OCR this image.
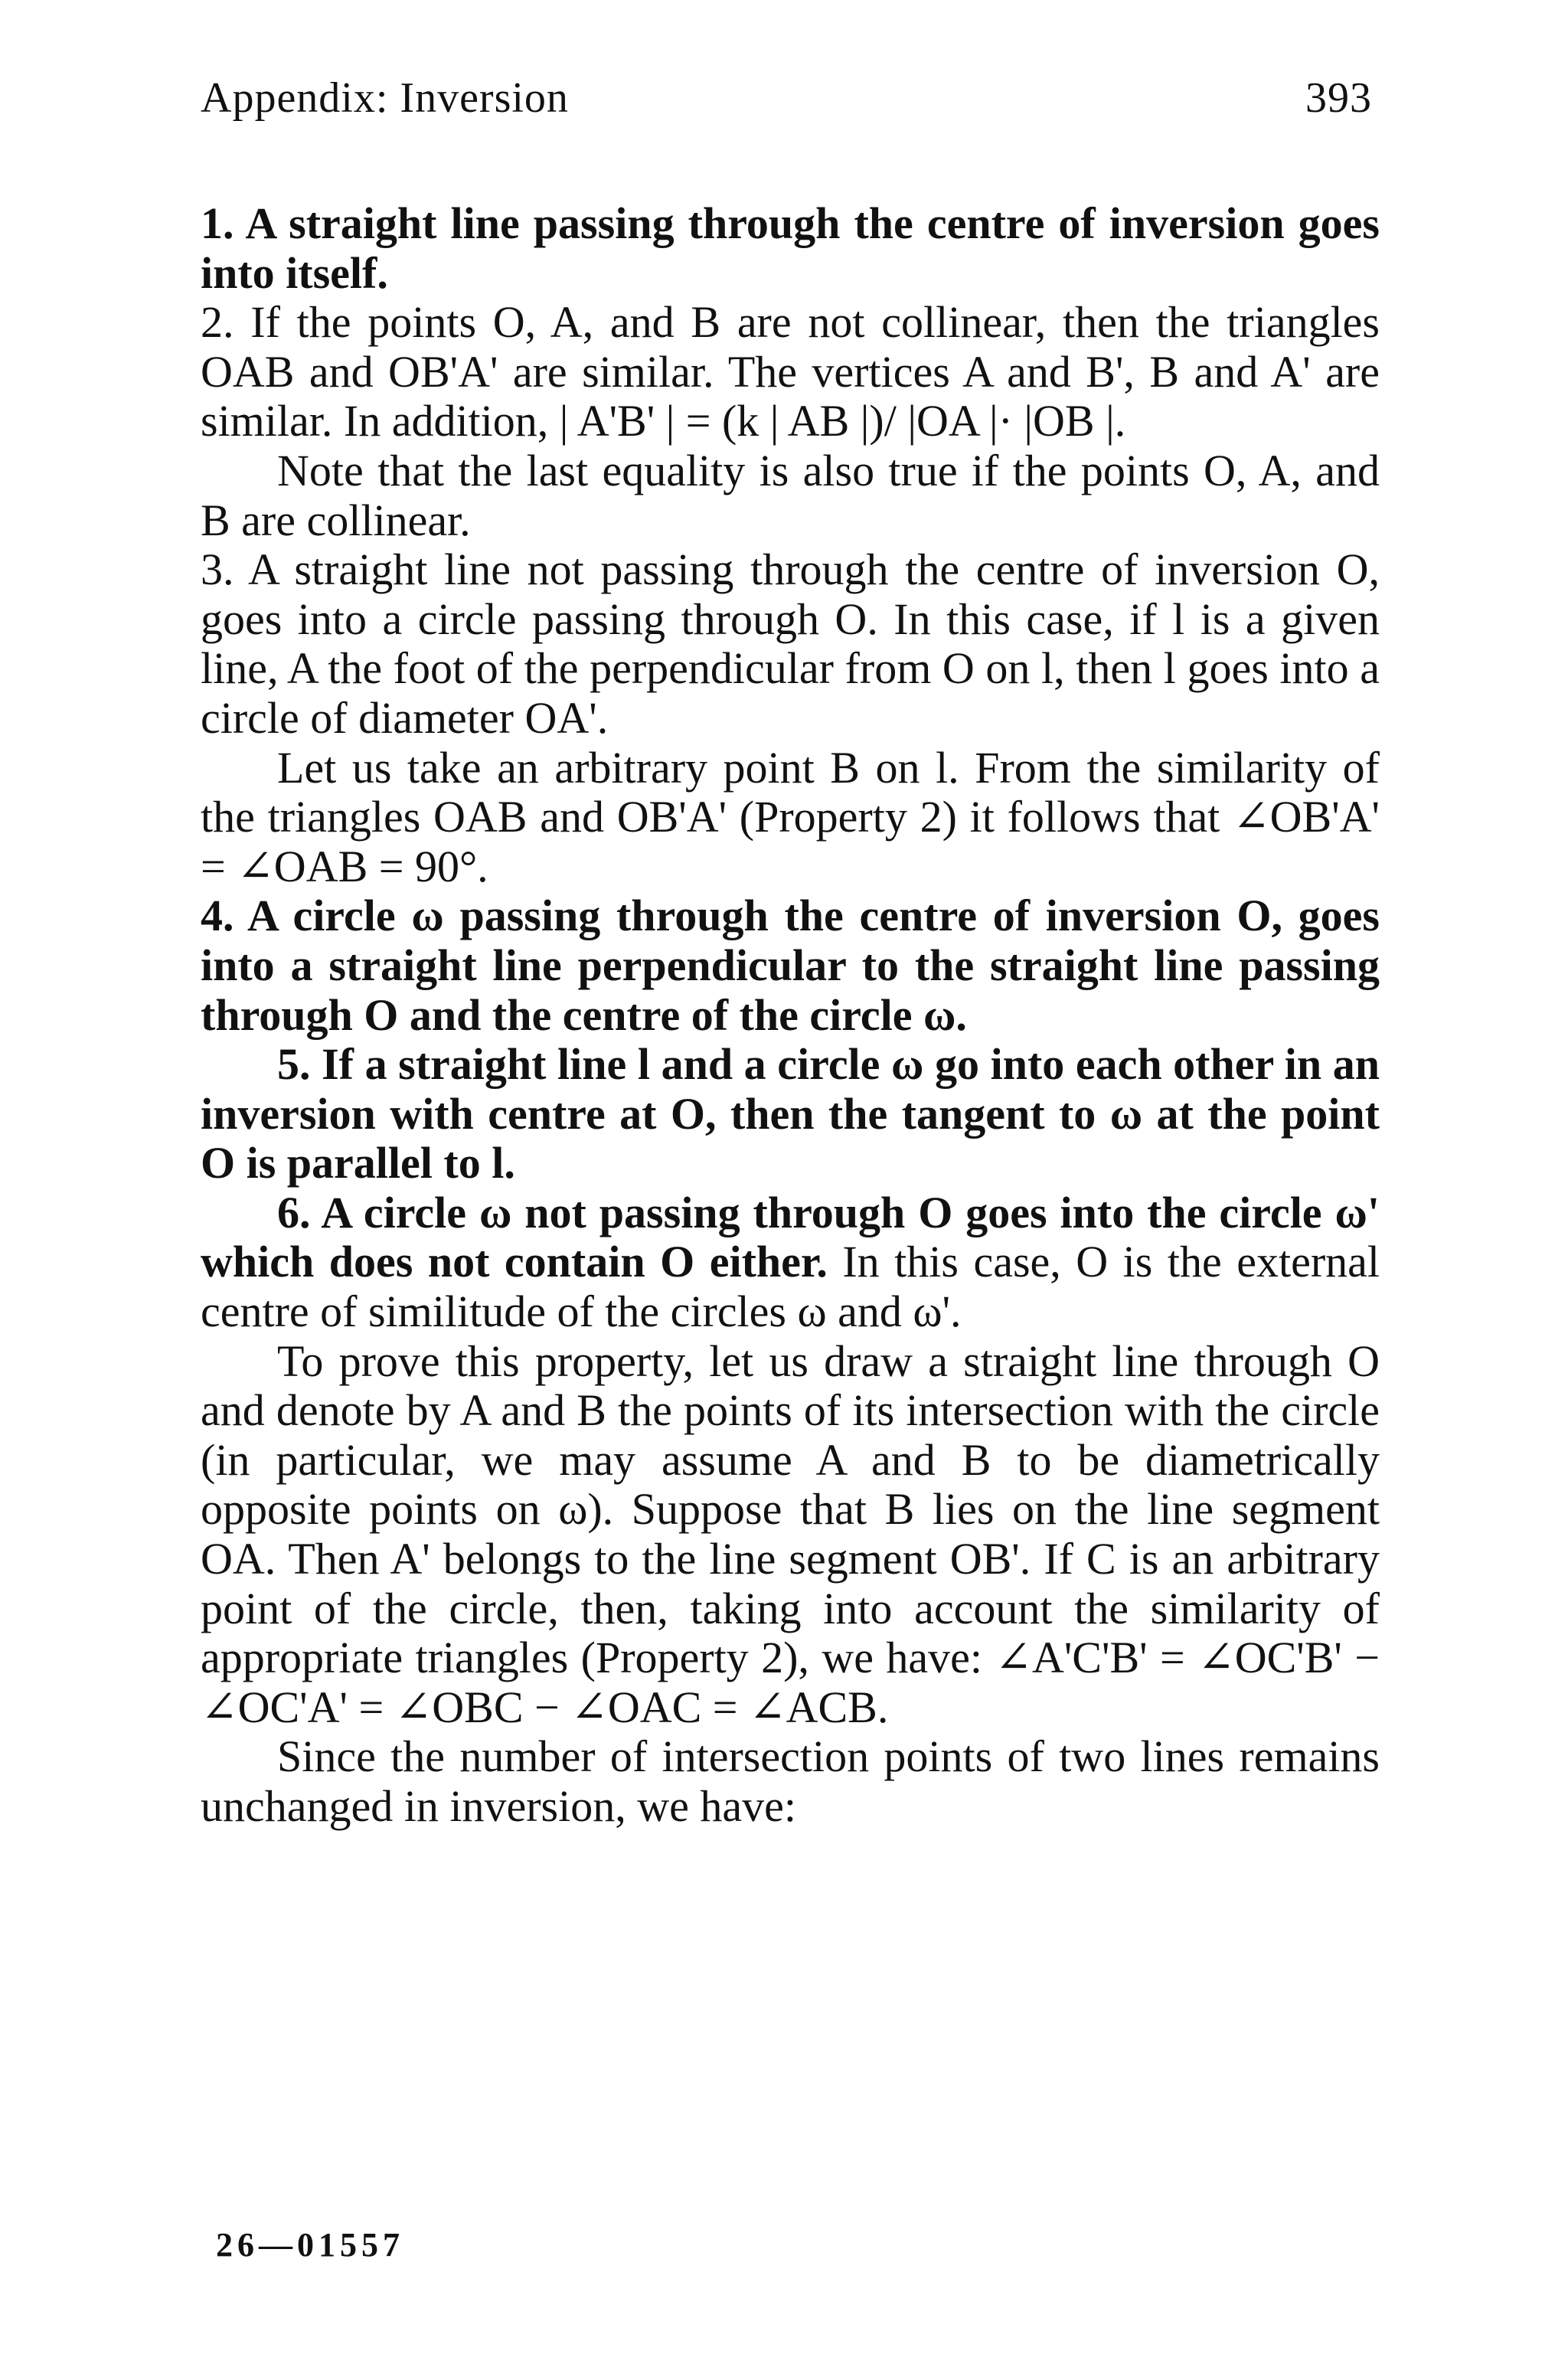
Appendix: Inversion	393

1. A straight line passing through the centre of inversion goes into itself.

2. If the points O, A, and B are not collinear, then the triangles OAB and OB'A' are similar. The vertices A and B', B and A' are similar. In addition, | A'B' | = (k | AB |)/ |OA |· |OB |.

Note that the last equality is also true if the points O, A, and B are collinear.

3. A straight line not passing through the centre of inversion O, goes into a circle passing through O. In this case, if l is a given line, A the foot of the perpendicular from O on l, then l goes into a circle of diameter OA'.

Let us take an arbitrary point B on l. From the similarity of the triangles OAB and OB'A' (Property 2) it follows that ∠OB'A' = ∠OAB = 90°.

4. A circle ω passing through the centre of inversion O, goes into a straight line perpendicular to the straight line passing through O and the centre of the circle ω.

5. If a straight line l and a circle ω go into each other in an inversion with centre at O, then the tangent to ω at the point O is parallel to l.

6. A circle ω not passing through O goes into the circle ω' which does not contain O either. In this case, O is the external centre of similitude of the circles ω and ω'.

To prove this property, let us draw a straight line through O and denote by A and B the points of its intersection with the circle (in particular, we may assume A and B to be diametrically opposite points on ω). Suppose that B lies on the line segment OA. Then A' belongs to the line segment OB'. If C is an arbitrary point of the circle, then, taking into account the similarity of appropriate triangles (Property 2), we have: ∠A'C'B' = ∠OC'B' − ∠OC'A' = ∠OBC − ∠OAC = ∠ACB.

Since the number of intersection points of two lines remains unchanged in inversion, we have:

26—01557
